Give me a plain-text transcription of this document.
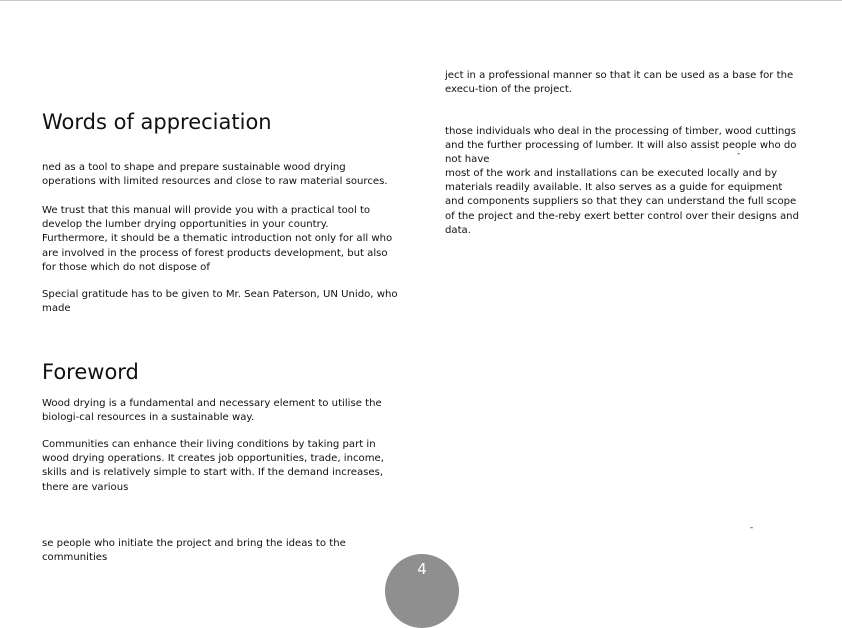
Words of appreciation

ned as a tool to shape and prepare sustainable wood drying operations with limited resources and close to raw material sources.

We trust that this manual will provide you with a practical tool to develop the lumber drying opportunities in your country. Furthermore, it should be a thematic introduction not only for all who are involved in the process of forest products development, but also for those which do not dispose of

Special gratitude has to be given to Mr. Sean Paterson, UN Unido, who made

Foreword

Wood drying is a fundamental and necessary element to utilise the biologi-cal resources in a sustainable way.

Communities can enhance their living conditions by taking part in wood drying operations. It creates job opportunities, trade, income, skills and is relatively simple to start with. If the demand increases, there are various

se people who initiate the project and bring the ideas to the communities

ject in a professional manner so that it can be used as a base for the execu-tion of the project.

those individuals who deal in the processing of timber, wood cuttings and the further processing of lumber. It will also assist people who do not have

-

most of the work and installations can be executed locally and by materials readily available. It also serves as a guide for equipment and components suppliers so that they can understand the full scope of the project and the-reby exert better control over their designs and data.

-
4
